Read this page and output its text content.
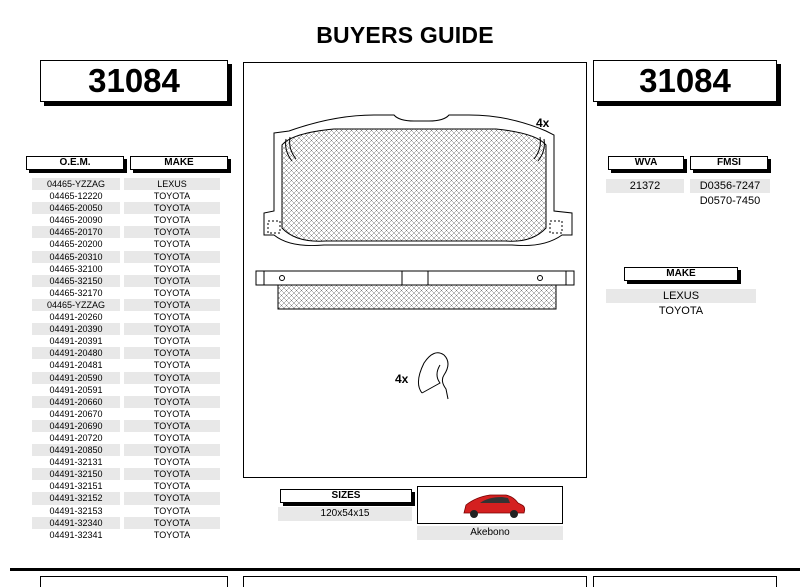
BUYERS GUIDE
31084	31084
O.E.M.	MAKE
04465-YZZAG	LEXUS
04465-12220	TOYOTA
04465-20050	TOYOTA
04465-20090	TOYOTA
04465-20170	TOYOTA
04465-20200	TOYOTA
04465-20310	TOYOTA
04465-32100	TOYOTA
04465-32150	TOYOTA
04465-32170	TOYOTA
04465-YZZAG	TOYOTA
04491-20260	TOYOTA
04491-20390	TOYOTA
04491-20391	TOYOTA
04491-20480	TOYOTA
04491-20481	TOYOTA
04491-20590	TOYOTA
04491-20591	TOYOTA
04491-20660	TOYOTA
04491-20670	TOYOTA
04491-20690	TOYOTA
04491-20720	TOYOTA
04491-20850	TOYOTA
04491-32131	TOYOTA
04491-32150	TOYOTA
04491-32151	TOYOTA
04491-32152	TOYOTA
04491-32153	TOYOTA
04491-32340	TOYOTA
04491-32341	TOYOTA
4x
4x
WVA	FMSI
21372	D0356-7247
D0570-7450
MAKE
LEXUS
TOYOTA
SIZES
120x54x15
Akebono
